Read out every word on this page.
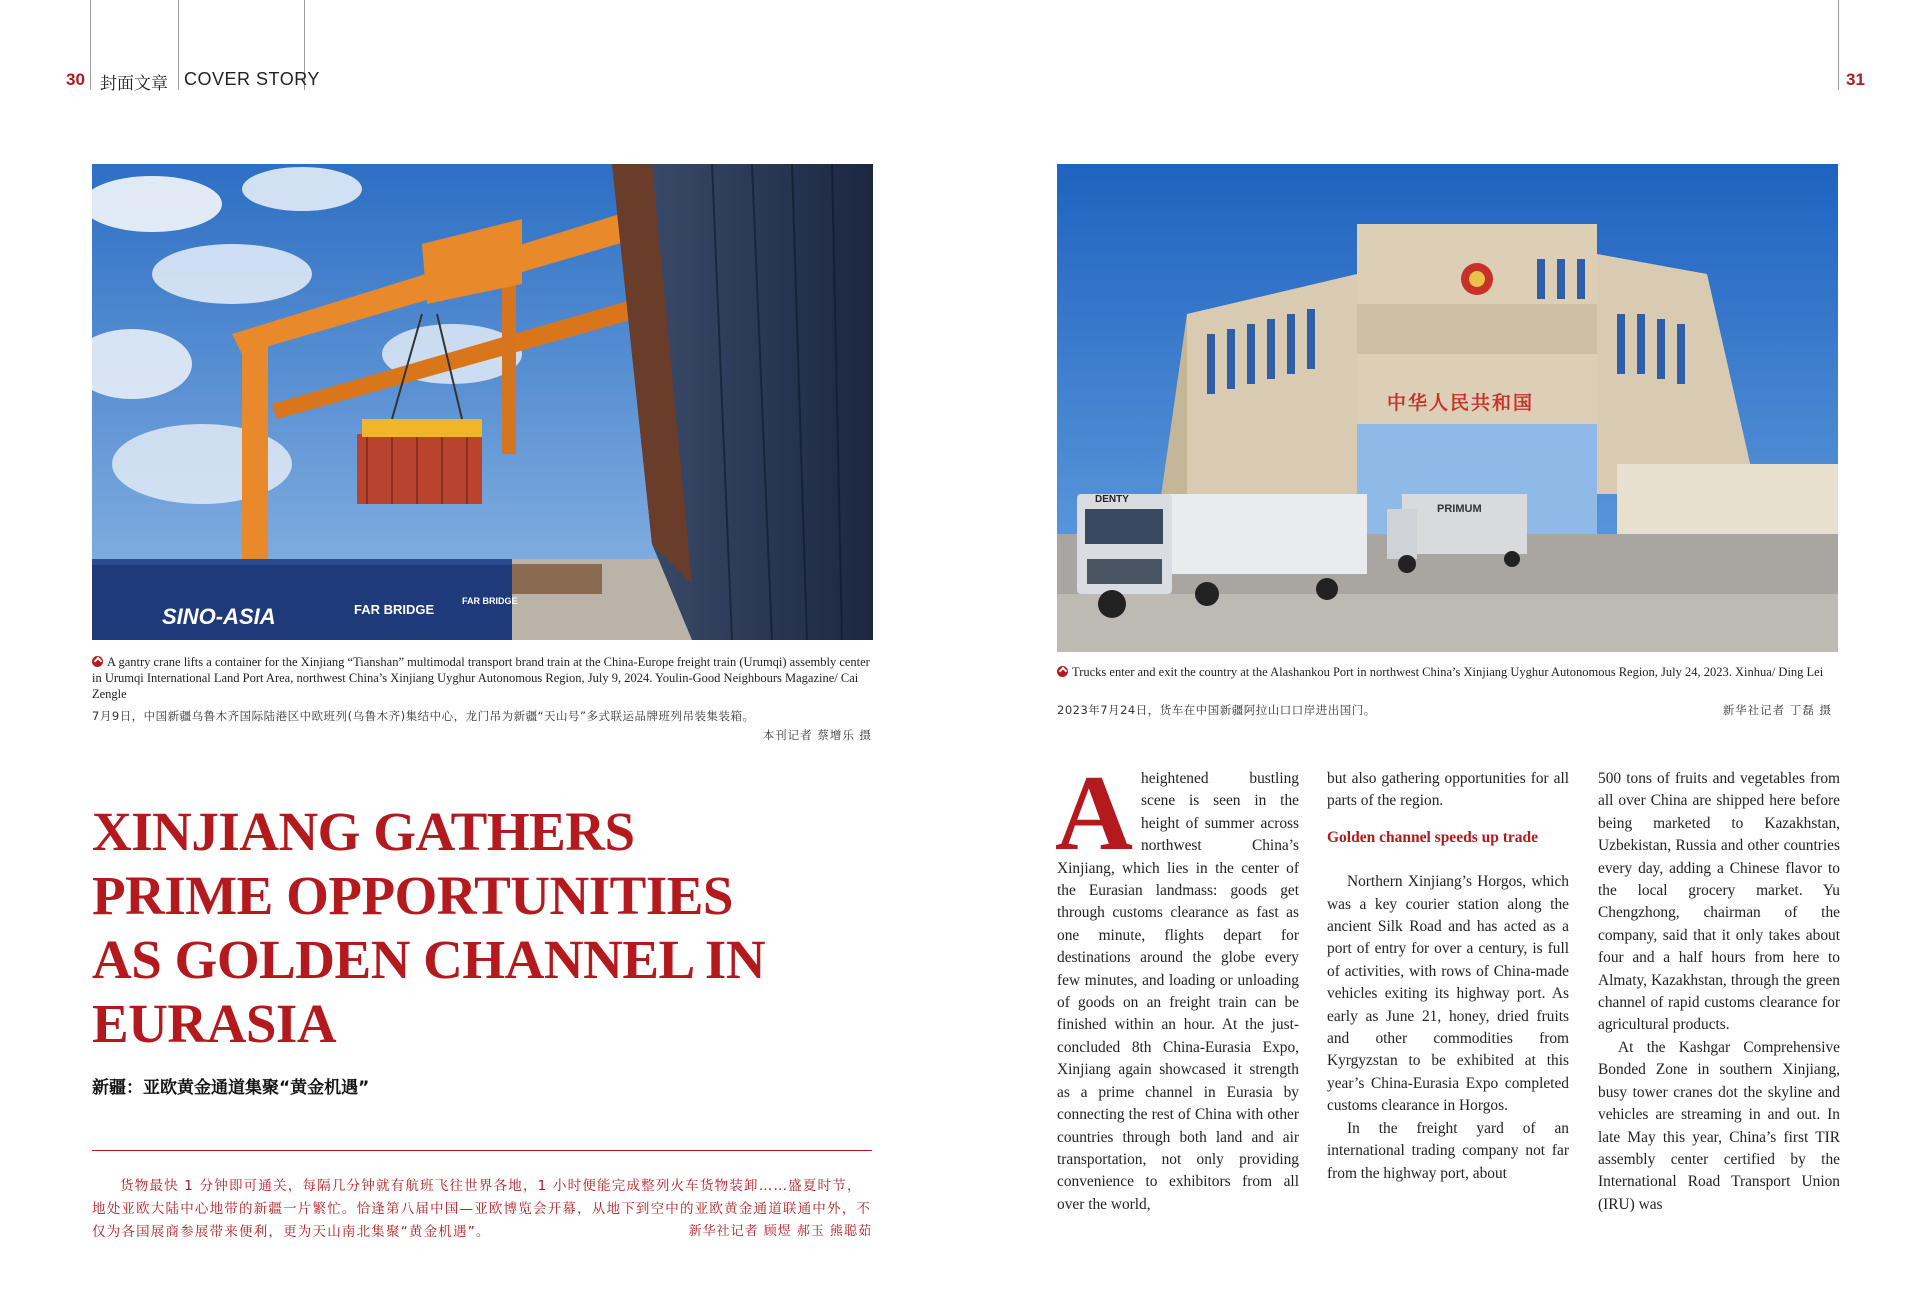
30 封面文章 COVER STORY
SINO-ASIA	FAR BRIDGE
FAR BRIDGE
A gantry crane lifts a container for the Xinjiang “Tianshan” multimodal transport brand train at the China-Europe freight train (Urumqi) assembly center in Urumqi International Land Port Area, northwest China’s Xinjiang Uyghur Autonomous Region, July 9, 2024. Youlin-Good Neighbours Magazine/ Cai Zengle
7月9日，中国新疆乌鲁木齐国际陆港区中欧班列(乌鲁木齐)集结中心，龙门吊为新疆“天山号”多式联运品牌班列吊装集装箱。
本刊记者 蔡增乐 摄
XINJIANG GATHERS
PRIME OPPORTUNITIES
AS GOLDEN CHANNEL IN
EURASIA
新疆：亚欧黄金通道集聚“黄金机遇”

货物最快 1 分钟即可通关，每隔几分钟就有航班飞往世界各地，1 小时便能完成整列火车货物装卸……盛夏时节，地处亚欧大陆中心地带的新疆一片繁忙。恰逢第八届中国—亚欧博览会开幕，从地下到空中的亚欧黄金通道联通中外，不仅为各国展商参展带来便利，更为天山南北集聚“黄金机遇”。	新华社记者 顾煜 郝玉 熊聪茹
31
中华人民共和国
DENTY
PRIMUM
Trucks enter and exit the country at the Alashankou Port in northwest China’s Xinjiang Uyghur Autonomous Region, July 24, 2023. Xinhua/ Ding Lei
2023年7月24日，货车在中国新疆阿拉山口口岸进出国门。	新华社记者 丁磊 摄
A heightened bustling scene is seen in the height of summer across northwest China’s Xinjiang, which lies in the center of the Eurasian landmass: goods get through customs clearance as fast as one minute, flights depart for destinations around the globe every few minutes, and loading or unloading of goods on an freight train can be finished within an hour. At the just-concluded 8th China-Eurasia Expo, Xinjiang again showcased it strength as a prime channel in Eurasia by connecting the rest of China with other countries through both land and air transportation, not only providing convenience to exhibitors from all over the world,

but also gathering opportunities for all parts of the region.

Golden channel speeds up trade

Northern Xinjiang’s Horgos, which was a key courier station along the ancient Silk Road and has acted as a port of entry for over a century, is full of activities, with rows of China-made vehicles exiting its highway port. As early as June 21, honey, dried fruits and other commodities from Kyrgyzstan to be exhibited at this year’s China-Eurasia Expo completed customs clearance in Horgos.

In the freight yard of an international trading company not far from the highway port, about

500 tons of fruits and vegetables from all over China are shipped here before being marketed to Kazakhstan, Uzbekistan, Russia and other countries every day, adding a Chinese flavor to the local grocery market. Yu Chengzhong, chairman of the company, said that it only takes about four and a half hours from here to Almaty, Kazakhstan, through the green channel of rapid customs clearance for agricultural products.

At the Kashgar Comprehensive Bonded Zone in southern Xinjiang, busy tower cranes dot the skyline and vehicles are streaming in and out. In late May this year, China’s first TIR assembly center certified by the International Road Transport Union (IRU) was
